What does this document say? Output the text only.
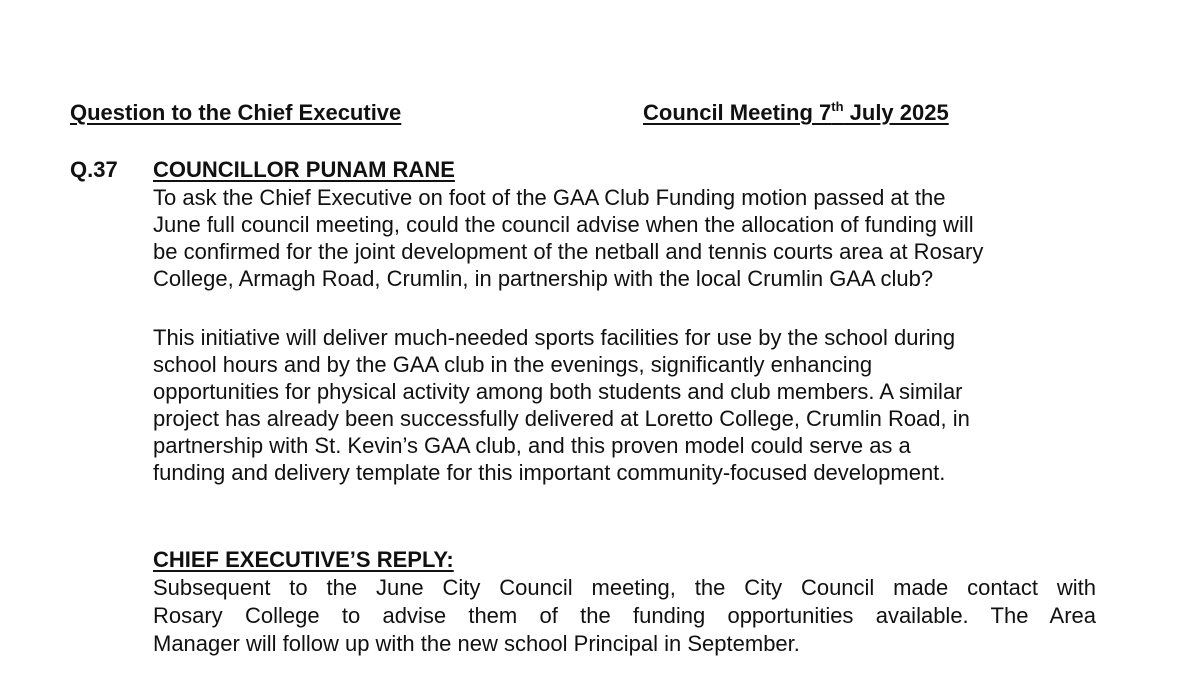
Question to the Chief Executive	Council Meeting 7th July 2025
Q.37 COUNCILLOR PUNAM RANE
To ask the Chief Executive on foot of the GAA Club Funding motion passed at the
June full council meeting, could the council advise when the allocation of funding will
be confirmed for the joint development of the netball and tennis courts area at Rosary
College, Armagh Road, Crumlin, in partnership with the local Crumlin GAA club?
This initiative will deliver much-needed sports facilities for use by the school during
school hours and by the GAA club in the evenings, significantly enhancing
opportunities for physical activity among both students and club members. A similar
project has already been successfully delivered at Loretto College, Crumlin Road, in
partnership with St. Kevin’s GAA club, and this proven model could serve as a
funding and delivery template for this important community-focused development.
CHIEF EXECUTIVE’S REPLY:
Subsequent to the June City Council meeting, the City Council made contact with
Rosary College to advise them of the funding opportunities available. The Area
Manager will follow up with the new school Principal in September.
